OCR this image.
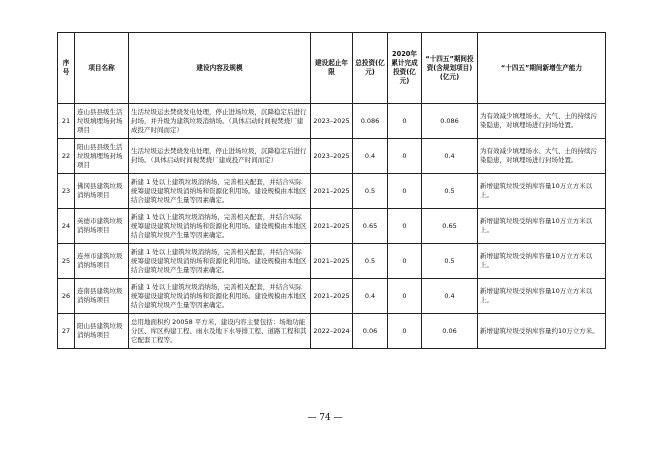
序号	项目名称	建设内容及规模	建设起止年限	总投资(亿元)	2020年累计完成投资(亿元)	“十四五”期间投资(含规划项目)(亿元)	“十四五”期间新增生产能力
21	连山县县级生活垃圾填埋场封场项目	生活垃圾运去焚烧发电处理，停止进场垃圾，沉降稳定后进行封场，并升级为建筑垃圾消纳场。（具体启动时间视焚烧厂建成投产时间而定）	2023–2025	0.086	0	0.086	为有效减少填埋场水、大气、土的持续污染隐患，对填埋场进行封场处置。
22	阳山县县级生活垃圾填埋场封场项目	生活垃圾运去焚烧发电处理，停止进场垃圾，沉降稳定后进行封场。（具体启动时间视焚烧厂建成投产时间而定）	2023–2025	0.4	0	0.4	为有效减少填埋场水、大气、土的持续污染隐患，对填埋场进行封场处置。
23	佛冈县建筑垃圾消纳场项目	新建 1 处以上建筑垃圾消纳场，完善相关配套，并结合实际统筹建设建筑垃圾消纳场和资源化利用场。建设规模由本地区结合建筑垃圾产生量等因素确定。	2021–2025	0.5	0	0.5	新增建筑垃圾受纳库容量10万立方米以上。
24	英德市建筑垃圾消纳场项目	新建 1 处以上建筑垃圾消纳场，完善相关配套，并结合实际统筹建设建筑垃圾消纳场和资源化利用场。建设规模由本地区结合建筑垃圾产生量等因素确定。	2021–2025	0.65	0	0.65	新增建筑垃圾受纳库容量10万立方米以上。
25	连州市建筑垃圾消纳场项目	新建 1 处以上建筑垃圾消纳场，完善相关配套，并结合实际统筹建设建筑垃圾消纳场和资源化利用场。建设规模由本地区结合建筑垃圾产生量等因素确定。	2021–2025	0.5	0	0.5	新增建筑垃圾受纳库容量10万立方米以上。
26	连南县建筑垃圾消纳场项目	新建 1 处以上建筑垃圾消纳场，完善相关配套，并结合实际统筹建设建筑垃圾消纳场和资源化利用场。建设规模由本地区结合建筑垃圾产生量等因素确定。	2021–2025	0.4	0	0.4	新增建筑垃圾受纳库容量10万立方米以上。
27	阳山县建筑垃圾消纳场项目	总用地面积约 20058 平方米，建设内容主要包括：场地功能分区、库区构建工程、雨水及地下水导排工程、道路工程和其它配套工程等。	2022–2024	0.06	0	0.06	新增建筑垃圾受纳库容量约10万立方米。
— 74 —
